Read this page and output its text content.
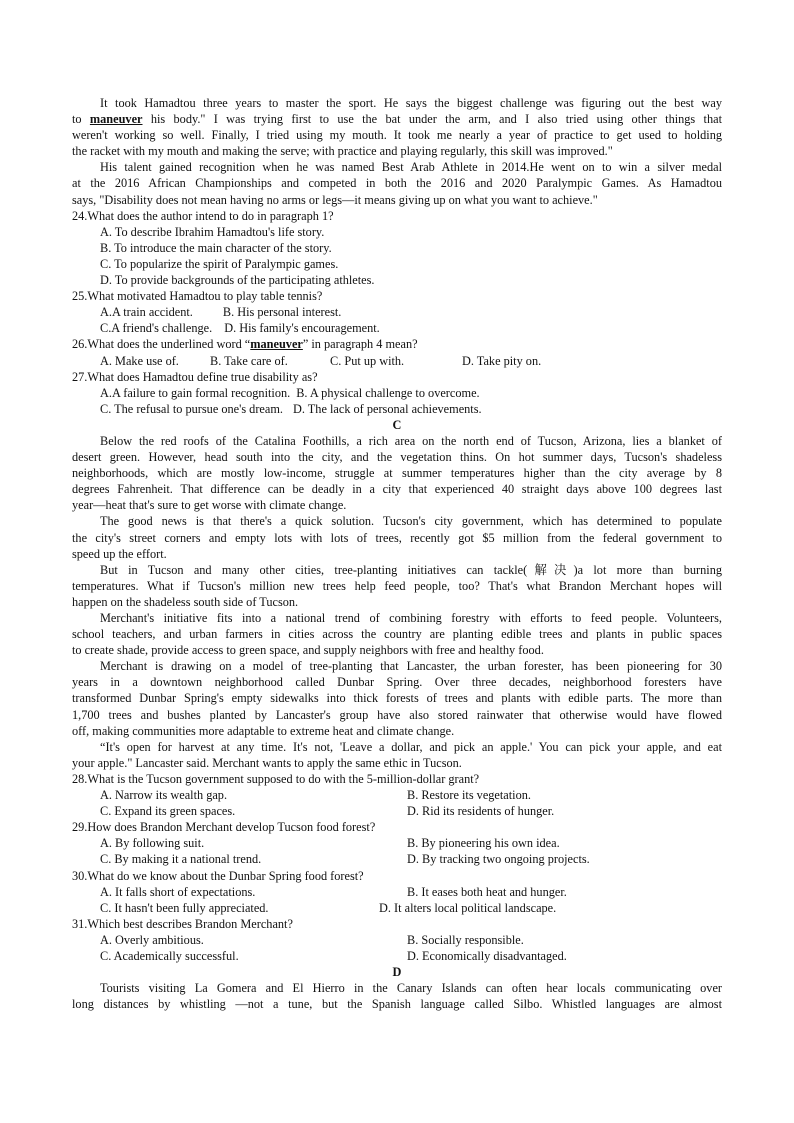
It took Hamadtou three years to master the sport. He says the biggest challenge was figuring out the best way
to maneuver his body." I was trying first to use the bat under the arm, and I also tried using other things that
weren't working so well. Finally, I tried using my mouth. It took me nearly a year of practice to get used to holding
the racket with my mouth and making the serve; with practice and playing regularly, this skill was improved."
His talent gained recognition when he was named Best Arab Athlete in 2014.He went on to win a silver medal
at the 2016 African Championships and competed in both the 2016 and 2020 Paralympic Games. As Hamadtou
says, "Disability does not mean having no arms or legs—it means giving up on what you want to achieve."
24.What does the author intend to do in paragraph 1?
A. To describe Ibrahim Hamadtou's life story.
B. To introduce the main character of the story.
C. To popularize the spirit of Paralympic games.
D. To provide backgrounds of the participating athletes.
25.What motivated Hamadtou to play table tennis?
A.A train accident. B. His personal interest.
C.A friend's challenge. D. His family's encouragement.
26.What does the underlined word “maneuver” in paragraph 4 mean?
A. Make use of.	B. Take care of.	C. Put up with.	D. Take pity on.
27.What does Hamadtou define true disability as?
A.A failure to gain formal recognition. B. A physical challenge to overcome.
C. The refusal to pursue one's dream. D. The lack of personal achievements.
C
Below the red roofs of the Catalina Foothills, a rich area on the north end of Tucson, Arizona, lies a blanket of
desert green. However, head south into the city, and the vegetation thins. On hot summer days, Tucson's shadeless
neighborhoods, which are mostly low-income, struggle at summer temperatures higher than the city average by 8
degrees Fahrenheit. That difference can be deadly in a city that experienced 40 straight days above 100 degrees last
year—heat that's sure to get worse with climate change.
The good news is that there's a quick solution. Tucson's city government, which has determined to populate
the city's street corners and empty lots with lots of trees, recently got $5 million from the federal government to
speed up the effort.
But in Tucson and many other cities, tree-planting initiatives can tackle(解决)a lot more than burning
temperatures. What if Tucson's million new trees help feed people, too? That's what Brandon Merchant hopes will
happen on the shadeless south side of Tucson.
Merchant's initiative fits into a national trend of combining forestry with efforts to feed people. Volunteers,
school teachers, and urban farmers in cities across the country are planting edible trees and plants in public spaces
to create shade, provide access to green space, and supply neighbors with free and healthy food.
Merchant is drawing on a model of tree-planting that Lancaster, the urban forester, has been pioneering for 30
years in a downtown neighborhood called Dunbar Spring. Over three decades, neighborhood foresters have
transformed Dunbar Spring's empty sidewalks into thick forests of trees and plants with edible parts. The more than
1,700 trees and bushes planted by Lancaster's group have also stored rainwater that otherwise would have flowed
off, making communities more adaptable to extreme heat and climate change.
“It's open for harvest at any time. It's not, 'Leave a dollar, and pick an apple.' You can pick your apple, and eat
your apple." Lancaster said. Merchant wants to apply the same ethic in Tucson.
28.What is the Tucson government supposed to do with the 5-million-dollar grant?
A. Narrow its wealth gap.	B. Restore its vegetation.
C. Expand its green spaces.	D. Rid its residents of hunger.
29.How does Brandon Merchant develop Tucson food forest?
A. By following suit.	B. By pioneering his own idea.
C. By making it a national trend.	D. By tracking two ongoing projects.
30.What do we know about the Dunbar Spring food forest?
A. It falls short of expectations.	B. It eases both heat and hunger.
C. It hasn't been fully appreciated.	D. It alters local political landscape.
31.Which best describes Brandon Merchant?
A. Overly ambitious.	B. Socially responsible.
C. Academically successful.	D. Economically disadvantaged.
D
Tourists visiting La Gomera and El Hierro in the Canary Islands can often hear locals communicating over
long distances by whistling —not a tune, but the Spanish language called Silbo. Whistled languages are almost
